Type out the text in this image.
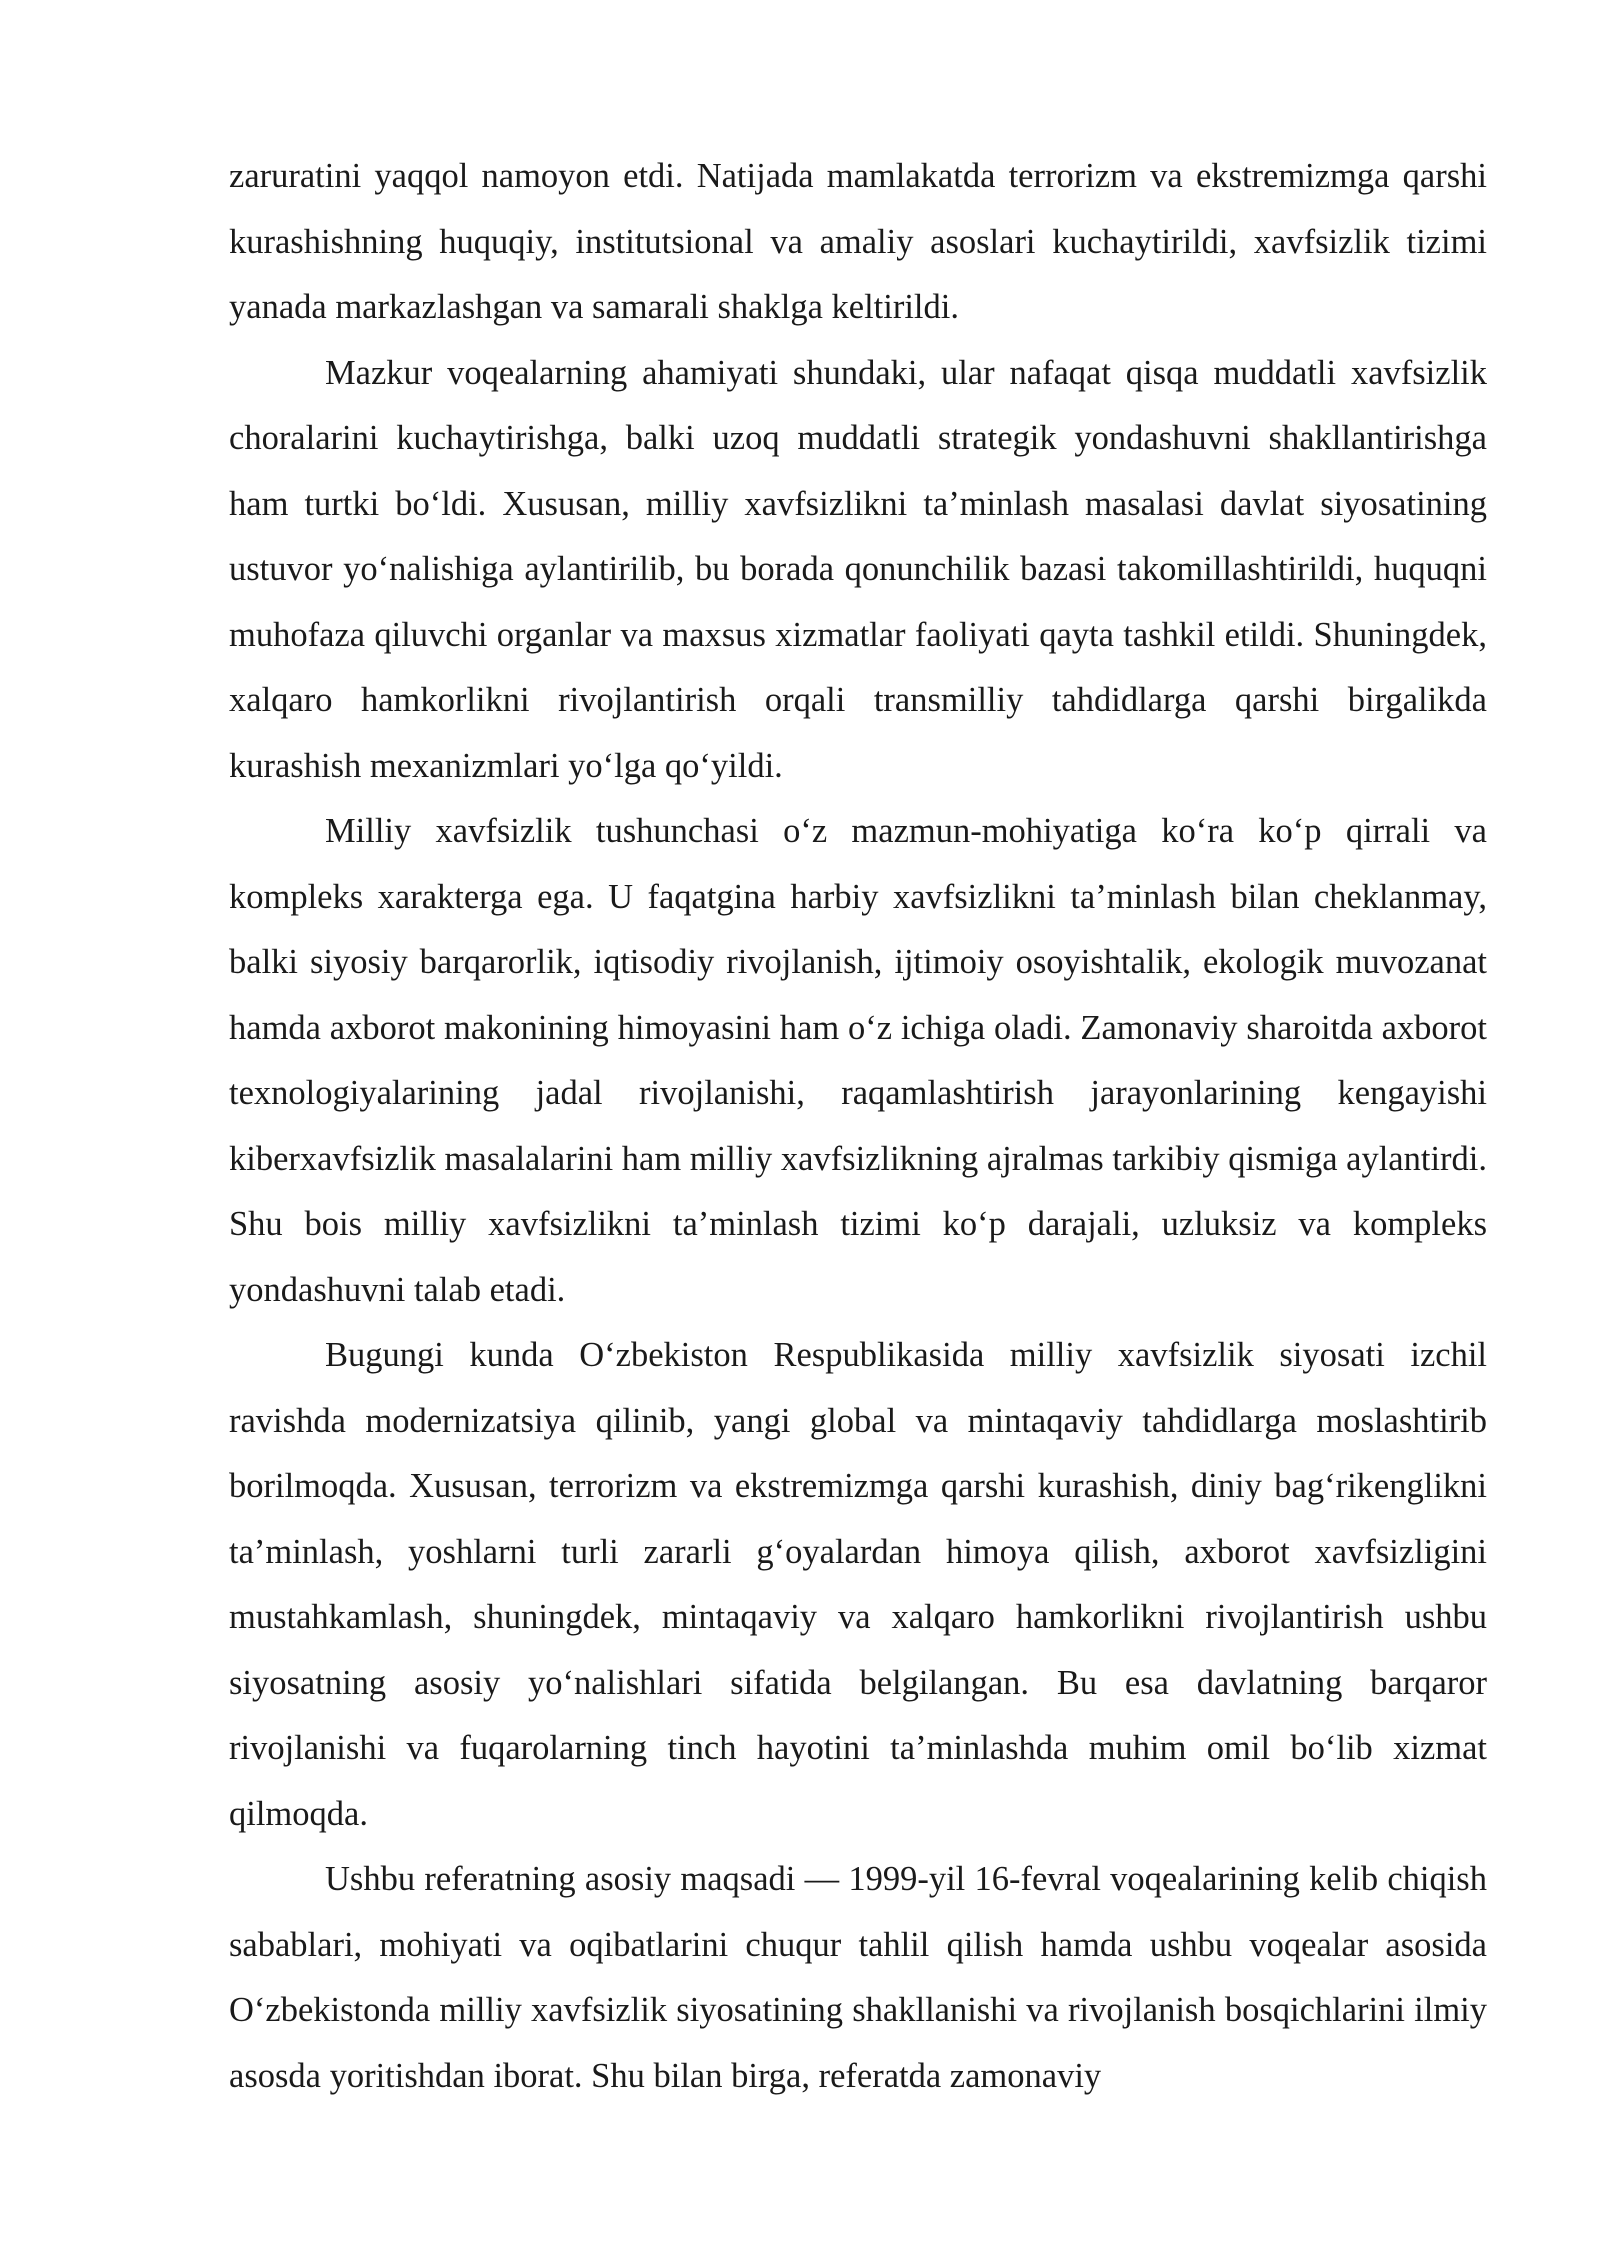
zaruratini yaqqol namoyon etdi. Natijada mamlakatda terrorizm va ekstremizmga qarshi kurashishning huquqiy, institutsional va amaliy asoslari kuchaytirildi, xavfsizlik tizimi yanada markazlashgan va samarali shaklga keltirildi.

Mazkur voqealarning ahamiyati shundaki, ular nafaqat qisqa muddatli xavfsizlik choralarini kuchaytirishga, balki uzoq muddatli strategik yondashuvni shakllantirishga ham turtki bo‘ldi. Xususan, milliy xavfsizlikni ta’minlash masalasi davlat siyosatining ustuvor yo‘nalishiga aylantirilib, bu borada qonunchilik bazasi takomillashtirildi, huquqni muhofaza qiluvchi organlar va maxsus xizmatlar faoliyati qayta tashkil etildi. Shuningdek, xalqaro hamkorlikni rivojlantirish orqali transmilliy tahdidlarga qarshi birgalikda kurashish mexanizmlari yo‘lga qo‘yildi.

Milliy xavfsizlik tushunchasi o‘z mazmun-mohiyatiga ko‘ra ko‘p qirrali va kompleks xarakterga ega. U faqatgina harbiy xavfsizlikni ta’minlash bilan cheklanmay, balki siyosiy barqarorlik, iqtisodiy rivojlanish, ijtimoiy osoyishtalik, ekologik muvozanat hamda axborot makonining himoyasini ham o‘z ichiga oladi. Zamonaviy sharoitda axborot texnologiyalarining jadal rivojlanishi, raqamlashtirish jarayonlarining kengayishi kiberxavfsizlik masalalarini ham milliy xavfsizlikning ajralmas tarkibiy qismiga aylantirdi. Shu bois milliy xavfsizlikni ta’minlash tizimi ko‘p darajali, uzluksiz va kompleks yondashuvni talab etadi.

Bugungi kunda O‘zbekiston Respublikasida milliy xavfsizlik siyosati izchil ravishda modernizatsiya qilinib, yangi global va mintaqaviy tahdidlarga moslashtirib borilmoqda. Xususan, terrorizm va ekstremizmga qarshi kurashish, diniy bag‘rikenglikni ta’minlash, yoshlarni turli zararli g‘oyalardan himoya qilish, axborot xavfsizligini mustahkamlash, shuningdek, mintaqaviy va xalqaro hamkorlikni rivojlantirish ushbu siyosatning asosiy yo‘nalishlari sifatida belgilangan. Bu esa davlatning barqaror rivojlanishi va fuqarolarning tinch hayotini ta’minlashda muhim omil bo‘lib xizmat qilmoqda.

Ushbu referatning asosiy maqsadi — 1999-yil 16-fevral voqealarining kelib chiqish sabablari, mohiyati va oqibatlarini chuqur tahlil qilish hamda ushbu voqealar asosida O‘zbekistonda milliy xavfsizlik siyosatining shakllanishi va rivojlanish bosqichlarini ilmiy asosda yoritishdan iborat. Shu bilan birga, referatda zamonaviy
